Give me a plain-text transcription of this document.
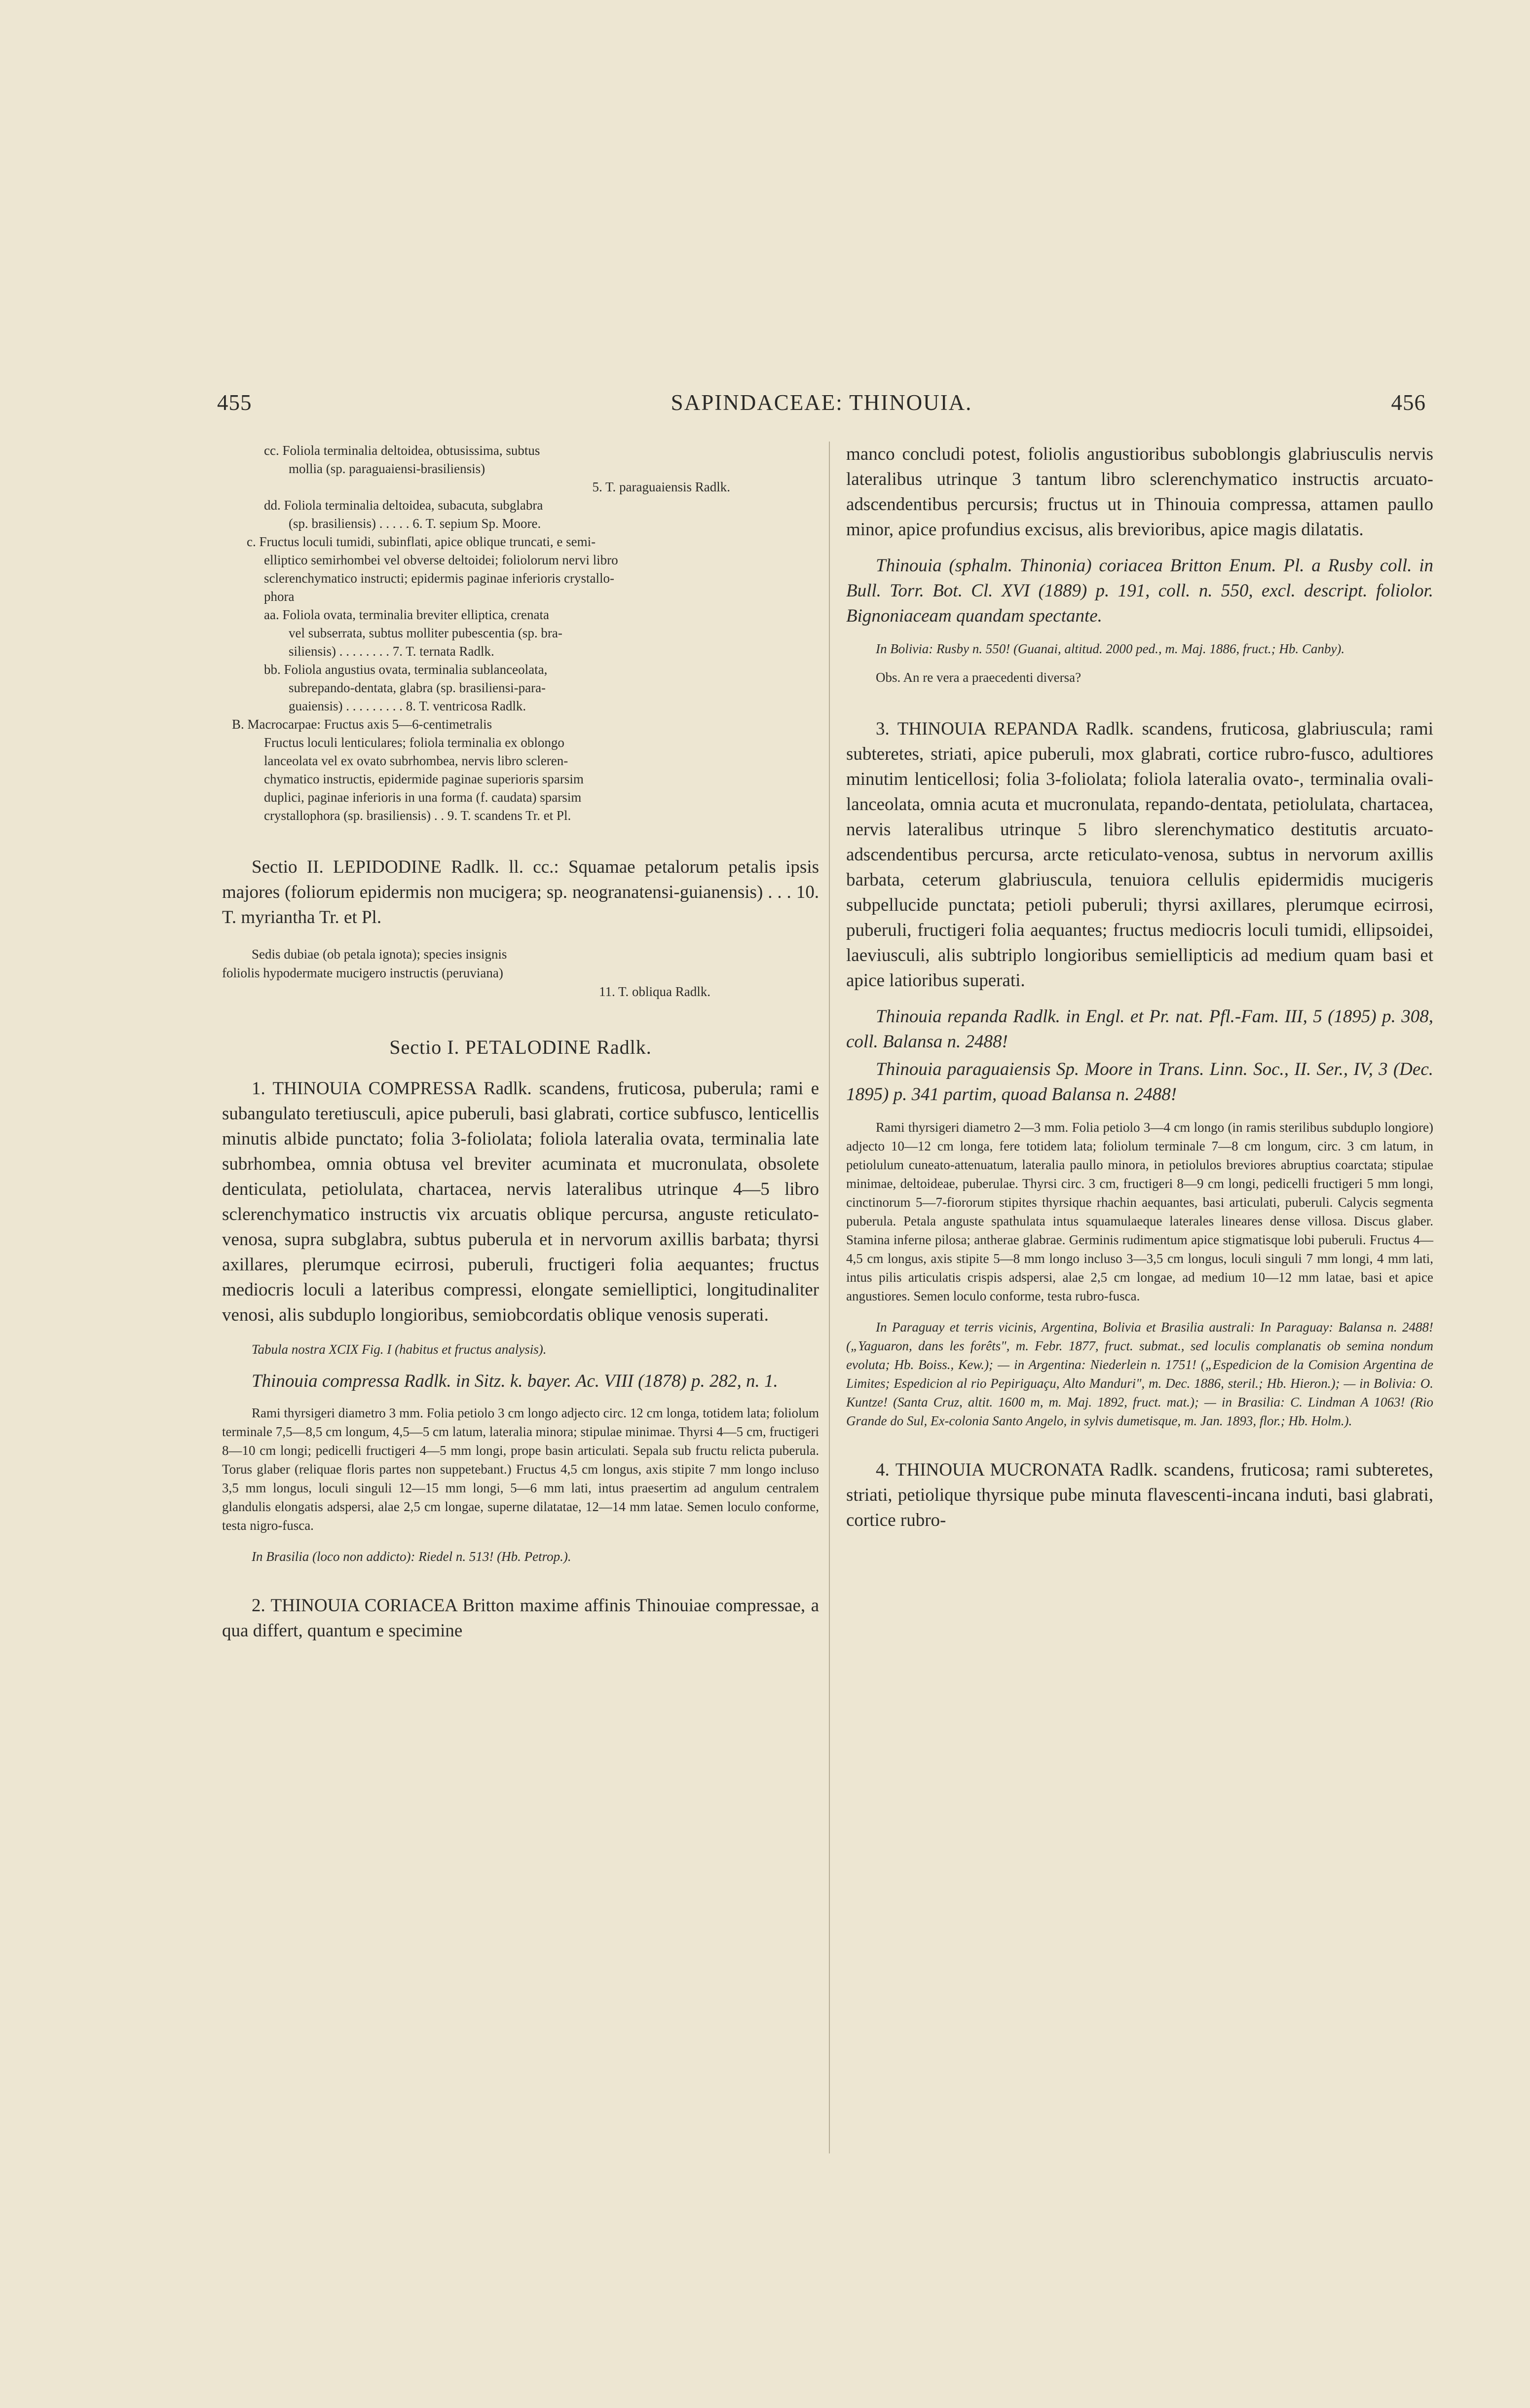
455	SAPINDACEAE: THINOUIA.	456
cc. Foliola terminalia deltoidea, obtusissima, subtus
mollia (sp. paraguaiensi-brasiliensis)
5. T. paraguaiensis Radlk.
dd. Foliola terminalia deltoidea, subacuta, subglabra
(sp. brasiliensis) . . . . . 6. T. sepium Sp. Moore.
c. Fructus loculi tumidi, subinflati, apice oblique truncati, e semi-
elliptico semirhombei vel obverse deltoidei; foliolorum nervi libro
sclerenchymatico instructi; epidermis paginae inferioris crystallo-
phora
aa. Foliola ovata, terminalia breviter elliptica, crenata
vel subserrata, subtus molliter pubescentia (sp. bra-
siliensis) . . . . . . . . 7. T. ternata Radlk.
bb. Foliola angustius ovata, terminalia sublanceolata,
subrepando-dentata, glabra (sp. brasiliensi-para-
guaiensis) . . . . . . . . . 8. T. ventricosa Radlk.
B. Macrocarpae: Fructus axis 5—6-centimetralis
Fructus loculi lenticulares; foliola terminalia ex oblongo
lanceolata vel ex ovato subrhombea, nervis libro scleren-
chymatico instructis, epidermide paginae superioris sparsim
duplici, paginae inferioris in una forma (f. caudata) sparsim
crystallophora (sp. brasiliensis) . . 9. T. scandens Tr. et Pl.

Sectio II. LEPIDODINE Radlk. ll. cc.: Squamae petalorum petalis ipsis majores (foliorum epidermis non mucigera; sp. neogranatensi-guianensis) . . . 10. T. myriantha Tr. et Pl.

Sedis dubiae (ob petala ignota); species insignis
foliolis hypodermate mucigero instructis (peruviana)
11. T. obliqua Radlk.

Sectio I. PETALODINE Radlk.

1. THINOUIA COMPRESSA Radlk. scandens, fruticosa, puberula; rami e subangulato teretiusculi, apice puberuli, basi glabrati, cortice subfusco, lenticellis minutis albide punctato; folia 3-foliolata; foliola lateralia ovata, terminalia late subrhombea, omnia obtusa vel breviter acuminata et mucronulata, obsolete denticulata, petiolulata, chartacea, nervis lateralibus utrinque 4—5 libro sclerenchymatico instructis vix arcuatis oblique percursa, anguste reticulato-venosa, supra subglabra, subtus puberula et in nervorum axillis barbata; thyrsi axillares, plerumque ecirrosi, puberuli, fructigeri folia aequantes; fructus mediocris loculi a lateribus compressi, elongate semielliptici, longitudinaliter venosi, alis subduplo longioribus, semiobcordatis oblique venosis superati.

Tabula nostra XCIX Fig. I (habitus et fructus analysis).

Thinouia compressa Radlk. in Sitz. k. bayer. Ac. VIII (1878) p. 282, n. 1.

Rami thyrsigeri diametro 3 mm. Folia petiolo 3 cm longo adjecto circ. 12 cm longa, totidem lata; foliolum terminale 7,5—8,5 cm longum, 4,5—5 cm latum, lateralia minora; stipulae minimae. Thyrsi 4—5 cm, fructigeri 8—10 cm longi; pedicelli fructigeri 4—5 mm longi, prope basin articulati. Sepala sub fructu relicta puberula. Torus glaber (reliquae floris partes non suppetebant.) Fructus 4,5 cm longus, axis stipite 7 mm longo incluso 3,5 mm longus, loculi singuli 12—15 mm longi, 5—6 mm lati, intus praesertim ad angulum centralem glandulis elongatis adspersi, alae 2,5 cm longae, superne dilatatae, 12—14 mm latae. Semen loculo conforme, testa nigro-fusca.

In Brasilia (loco non addicto): Riedel n. 513! (Hb. Petrop.).

2. THINOUIA CORIACEA Britton maxime affinis Thinouiae compressae, a qua differt, quantum e specimine

manco concludi potest, foliolis angustioribus suboblongis glabriusculis nervis lateralibus utrinque 3 tantum libro sclerenchymatico instructis arcuato-adscendentibus percursis; fructus ut in Thinouia compressa, attamen paullo minor, apice profundius excisus, alis brevioribus, apice magis dilatatis.

Thinouia (sphalm. Thinonia) coriacea Britton Enum. Pl. a Rusby coll. in Bull. Torr. Bot. Cl. XVI (1889) p. 191, coll. n. 550, excl. descript. foliolor. Bignoniaceam quandam spectante.

In Bolivia: Rusby n. 550! (Guanai, altitud. 2000 ped., m. Maj. 1886, fruct.; Hb. Canby).

Obs. An re vera a praecedenti diversa?

3. THINOUIA REPANDA Radlk. scandens, fruticosa, glabriuscula; rami subteretes, striati, apice puberuli, mox glabrati, cortice rubro-fusco, adultiores minutim lenticellosi; folia 3-foliolata; foliola lateralia ovato-, terminalia ovali-lanceolata, omnia acuta et mucronulata, repando-dentata, petiolulata, chartacea, nervis lateralibus utrinque 5 libro slerenchymatico destitutis arcuato-adscendentibus percursa, arcte reticulato-venosa, subtus in nervorum axillis barbata, ceterum glabriuscula, tenuiora cellulis epidermidis mucigeris subpellucide punctata; petioli puberuli; thyrsi axillares, plerumque ecirrosi, puberuli, fructigeri folia aequantes; fructus mediocris loculi tumidi, ellipsoidei, laeviusculi, alis subtriplo longioribus semiellipticis ad medium quam basi et apice latioribus superati.

Thinouia repanda Radlk. in Engl. et Pr. nat. Pfl.-Fam. III, 5 (1895) p. 308, coll. Balansa n. 2488!

Thinouia paraguaiensis Sp. Moore in Trans. Linn. Soc., II. Ser., IV, 3 (Dec. 1895) p. 341 partim, quoad Balansa n. 2488!

Rami thyrsigeri diametro 2—3 mm. Folia petiolo 3—4 cm longo (in ramis sterilibus subduplo longiore) adjecto 10—12 cm longa, fere totidem lata; foliolum terminale 7—8 cm longum, circ. 3 cm latum, in petiolulum cuneato-attenuatum, lateralia paullo minora, in petiolulos breviores abruptius coarctata; stipulae minimae, deltoideae, puberulae. Thyrsi circ. 3 cm, fructigeri 8—9 cm longi, pedicelli fructigeri 5 mm longi, cinctinorum 5—7-fiororum stipites thyrsique rhachin aequantes, basi articulati, puberuli. Calycis segmenta puberula. Petala anguste spathulata intus squamulaeque laterales lineares dense villosa. Discus glaber. Stamina inferne pilosa; antherae glabrae. Germinis rudimentum apice stigmatisque lobi puberuli. Fructus 4—4,5 cm longus, axis stipite 5—8 mm longo incluso 3—3,5 cm longus, loculi singuli 7 mm longi, 4 mm lati, intus pilis articulatis crispis adspersi, alae 2,5 cm longae, ad medium 10—12 mm latae, basi et apice angustiores. Semen loculo conforme, testa rubro-fusca.

In Paraguay et terris vicinis, Argentina, Bolivia et Brasilia australi: In Paraguay: Balansa n. 2488! („Yaguaron, dans les forêts", m. Febr. 1877, fruct. submat., sed loculis complanatis ob semina nondum evoluta; Hb. Boiss., Kew.); — in Argentina: Niederlein n. 1751! („Espedicion de la Comision Argentina de Limites; Espedicion al rio Pepiriguaçu, Alto Manduri", m. Dec. 1886, steril.; Hb. Hieron.); — in Bolivia: O. Kuntze! (Santa Cruz, altit. 1600 m, m. Maj. 1892, fruct. mat.); — in Brasilia: C. Lindman A 1063! (Rio Grande do Sul, Ex-colonia Santo Angelo, in sylvis dumetisque, m. Jan. 1893, flor.; Hb. Holm.).

4. THINOUIA MUCRONATA Radlk. scandens, fruticosa; rami subteretes, striati, petiolique thyrsique pube minuta flavescenti-incana induti, basi glabrati, cortice rubro-
